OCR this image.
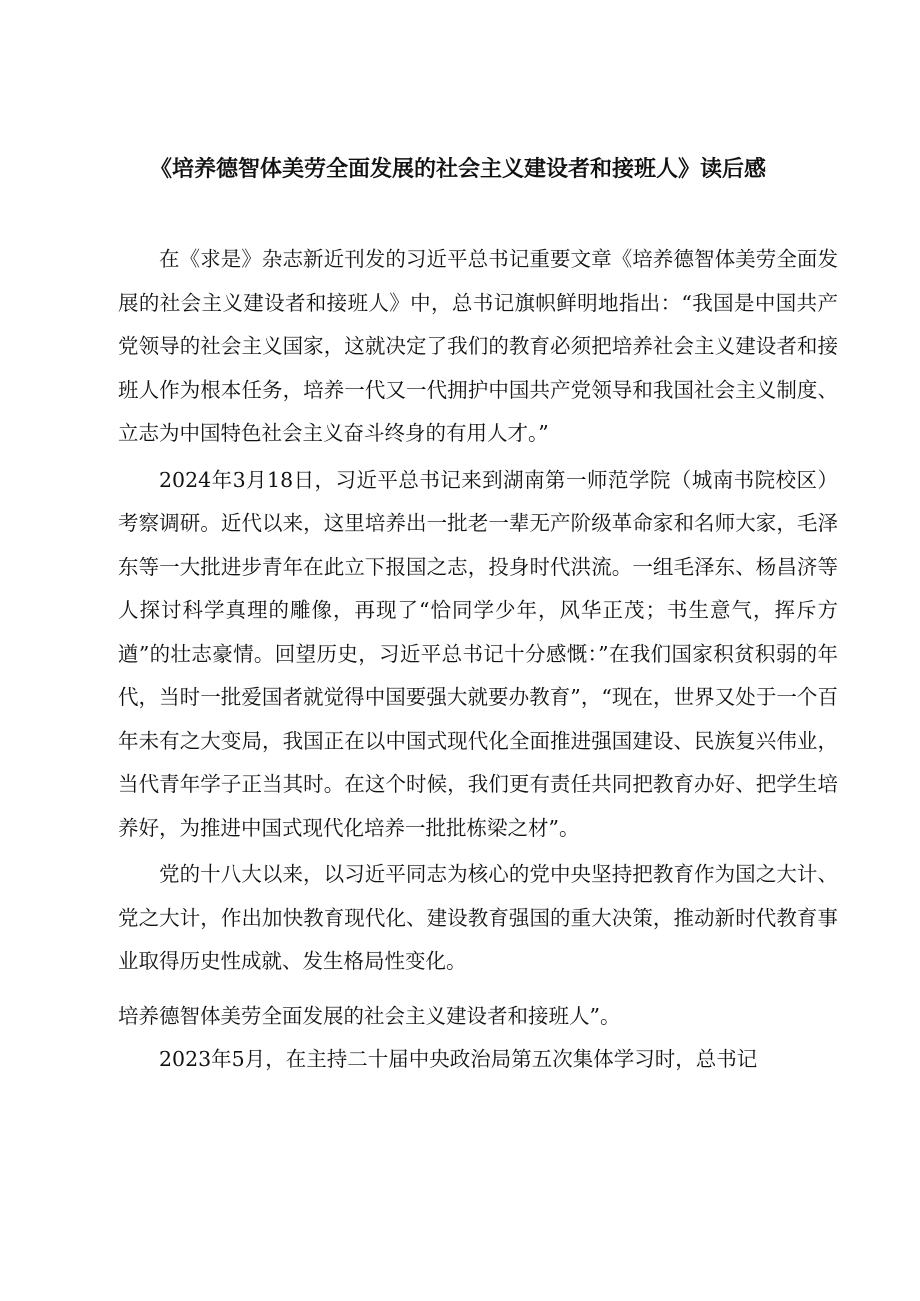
《培养德智体美劳全面发展的社会主义建设者和接班人》读后感

在《求是》杂志新近刊发的习近平总书记重要文章《培养德智体美劳全面发展的社会主义建设者和接班人》中，总书记旗帜鲜明地指出：“我国是中国共产党领导的社会主义国家，这就决定了我们的教育必须把培养社会主义建设者和接班人作为根本任务，培养一代又一代拥护中国共产党领导和我国社会主义制度、立志为中国特色社会主义奋斗终身的有用人才。”

2024年3月18日，习近平总书记来到湖南第一师范学院（城南书院校区）考察调研。近代以来，这里培养出一批老一辈无产阶级革命家和名师大家，毛泽东等一大批进步青年在此立下报国之志，投身时代洪流。一组毛泽东、杨昌济等人探讨科学真理的雕像，再现了“恰同学少年，风华正茂；书生意气，挥斥方遒”的壮志豪情。回望历史，习近平总书记十分感慨：”在我们国家积贫积弱的年代，当时一批爱国者就觉得中国要强大就要办教育”，“现在，世界又处于一个百年未有之大变局，我国正在以中国式现代化全面推进强国建设、民族复兴伟业，当代青年学子正当其时。在这个时候，我们更有责任共同把教育办好、把学生培养好，为推进中国式现代化培养一批批栋梁之材”。

党的十八大以来，以习近平同志为核心的党中央坚持把教育作为国之大计、党之大计，作出加快教育现代化、建设教育强国的重大决策，推动新时代教育事业取得历史性成就、发生格局性变化。

培养德智体美劳全面发展的社会主义建设者和接班人”。

2023年5月，在主持二十届中央政治局第五次集体学习时，总书记
